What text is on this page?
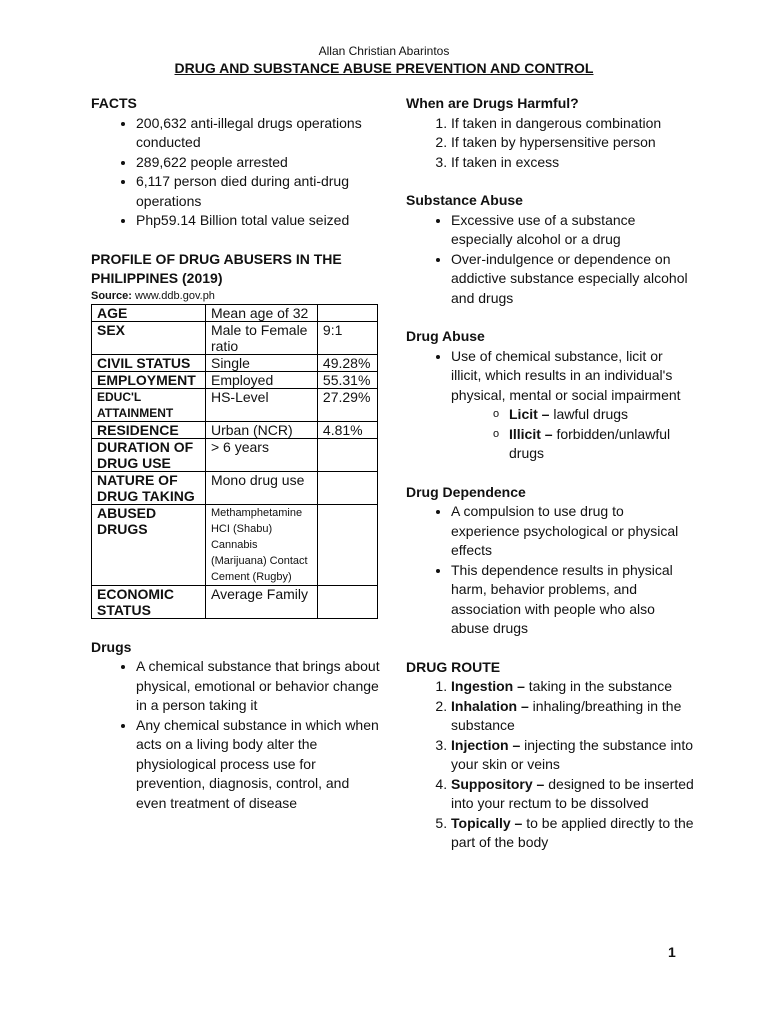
Allan Christian Abarintos
DRUG AND SUBSTANCE ABUSE PREVENTION AND CONTROL
FACTS
• 200,632 anti-illegal drugs operations conducted
• 289,622 people arrested
• 6,117 person died during anti-drug operations
• Php59.14 Billion total value seized
PROFILE OF DRUG ABUSERS IN THE PHILIPPINES (2019)
Source: www.ddb.gov.ph
AGE	Mean age of 32	
SEX	Male to Female ratio	9:1
CIVIL STATUS	Single	49.28%
EMPLOYMENT	Employed	55.31%
EDUC'L ATTAINMENT	HS-Level	27.29%
RESIDENCE	Urban (NCR)	4.81%
DURATION OF DRUG USE	> 6 years	
NATURE OF DRUG TAKING	Mono drug use	
ABUSED DRUGS	Methamphetamine HCI (Shabu) Cannabis (Marijuana) Contact Cement (Rugby)	
ECONOMIC STATUS	Average Family	
Drugs
• A chemical substance that brings about physical, emotional or behavior change in a person taking it
• Any chemical substance in which when acts on a living body alter the physiological process use for prevention, diagnosis, control, and even treatment of disease
When are Drugs Harmful?
1. If taken in dangerous combination
2. If taken by hypersensitive person
3. If taken in excess
Substance Abuse
• Excessive use of a substance especially alcohol or a drug
• Over-indulgence or dependence on addictive substance especially alcohol and drugs
Drug Abuse
• Use of chemical substance, licit or illicit, which results in an individual's physical, mental or social impairment
o Licit – lawful drugs
o Illicit – forbidden/unlawful drugs
Drug Dependence
• A compulsion to use drug to experience psychological or physical effects
• This dependence results in physical harm, behavior problems, and association with people who also abuse drugs
DRUG ROUTE
1. Ingestion – taking in the substance
2. Inhalation – inhaling/breathing in the substance
3. Injection – injecting the substance into your skin or veins
4. Suppository – designed to be inserted into your rectum to be dissolved
5. Topically – to be applied directly to the part of the body
1
